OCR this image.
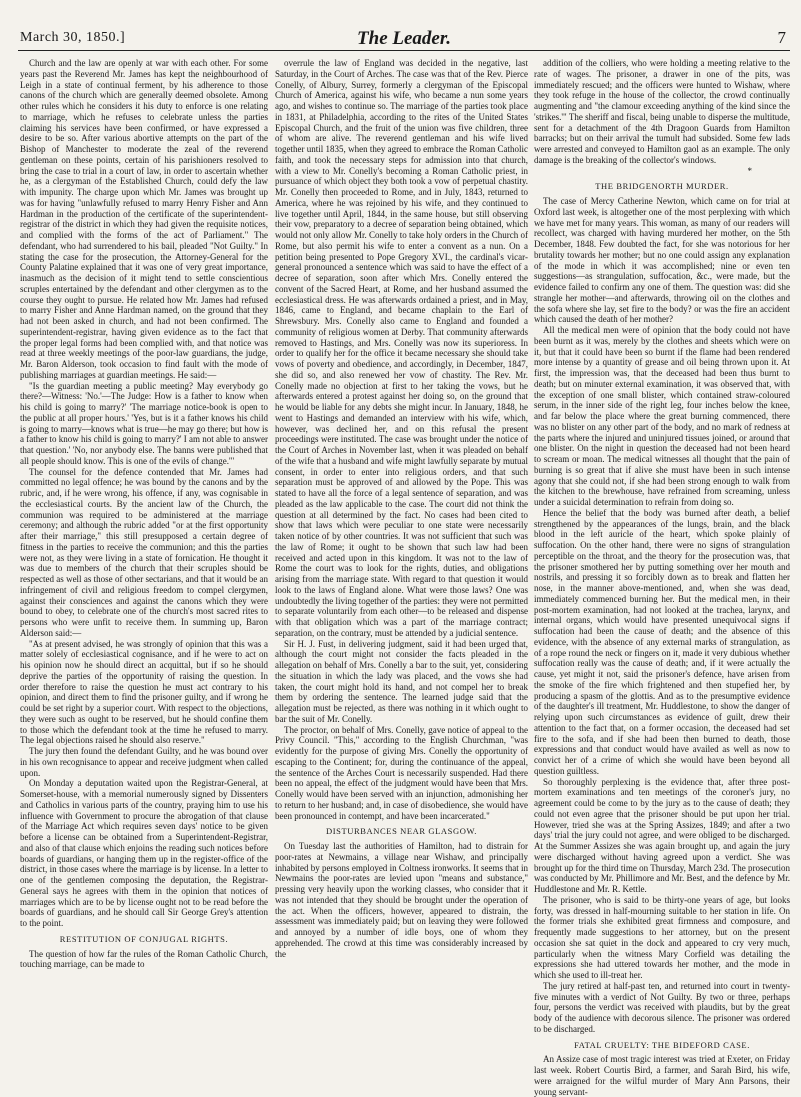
March 30, 1850.]	The Leader.	7

Church and the law are openly at war with each other. For some years past the Reverend Mr. James has kept the neighbourhood of Leigh in a state of continual ferment, by his adherence to those canons of the church which are generally deemed obsolete. Among other rules which he considers it his duty to enforce is one relating to marriage, which he refuses to celebrate unless the parties claiming his services have been confirmed, or have expressed a desire to be so. After various abortive attempts on the part of the Bishop of Manchester to moderate the zeal of the reverend gentleman on these points, certain of his parishioners resolved to bring the case to trial in a court of law, in order to ascertain whether he, as a clergyman of the Established Church, could defy the law with impunity. The charge upon which Mr. James was brought up was for having "unlawfully refused to marry Henry Fisher and Ann Hardman in the production of the certificate of the superintendent-registrar of the district in which they had given the requisite notices, and complied with the forms of the act of Parliament." The defendant, who had surrendered to his bail, pleaded "Not Guilty." In stating the case for the prosecution, the Attorney-General for the County Palatine explained that it was one of very great importance, inasmuch as the decision of it might tend to settle conscientious scruples entertained by the defendant and other clergymen as to the course they ought to pursue. He related how Mr. James had refused to marry Fisher and Anne Hardman named, on the ground that they had not been asked in church, and had not been confirmed. The superintendent-registrar, having given evidence as to the fact that the proper legal forms had been complied with, and that notice was read at three weekly meetings of the poor-law guardians, the judge, Mr. Baron Alderson, took occasion to find fault with the mode of publishing marriages at guardian meetings. He said:—

"Is the guardian meeting a public meeting? May everybody go there?—Witness: 'No.'—The Judge: How is a father to know when his child is going to marry?' 'The marriage notice-book is open to the public at all proper hours.' 'Yes, but is it a father knows his child is going to marry—knows what is true—he may go there; but how is a father to know his child is going to marry?' I am not able to answer that question.' 'No, nor anybody else. The banns were published that all people should know. This is one of the evils of change.'"

The counsel for the defence contended that Mr. James had committed no legal offence; he was bound by the canons and by the rubric, and, if he were wrong, his offence, if any, was cognisable in the ecclesiastical courts. By the ancient law of the Church, the communion was required to be administered at the marriage ceremony; and although the rubric added "or at the first opportunity after their marriage," this still presupposed a certain degree of fitness in the parties to receive the communion; and this the parties were not, as they were living in a state of fornication. He thought it was due to members of the church that their scruples should be respected as well as those of other sectarians, and that it would be an infringement of civil and religious freedom to compel clergymen, against their consciences and against the canons which they were bound to obey, to celebrate one of the church's most sacred rites to persons who were unfit to receive them. In summing up, Baron Alderson said:—

"As at present advised, he was strongly of opinion that this was a matter solely of ecclesiastical cognisance, and if he were to act on his opinion now he should direct an acquittal, but if so he should deprive the parties of the opportunity of raising the question. In order therefore to raise the question he must act contrary to his opinion, and direct them to find the prisoner guilty, and if wrong he could be set right by a superior court. With respect to the objections, they were such as ought to be reserved, but he should confine them to those which the defendant took at the time he refused to marry. The legal objections raised he should also reserve."

The jury then found the defendant Guilty, and he was bound over in his own recognisance to appear and receive judgment when called upon.

On Monday a deputation waited upon the Registrar-General, at Somerset-house, with a memorial numerously signed by Dissenters and Catholics in various parts of the country, praying him to use his influence with Government to procure the abrogation of that clause of the Marriage Act which requires seven days' notice to be given before a license can be obtained from a Superintendent-Registrar, and also of that clause which enjoins the reading such notices before boards of guardians, or hanging them up in the register-office of the district, in those cases where the marriage is by license. In a letter to one of the gentlemen composing the deputation, the Registrar-General says he agrees with them in the opinion that notices of marriages which are to be by license ought not to be read before the boards of guardians, and he should call Sir George Grey's attention to the point.

RESTITUTION OF CONJUGAL RIGHTS.

The question of how far the rules of the Roman Catholic Church, touching marriage, can be made to

overrule the law of England was decided in the negative, last Saturday, in the Court of Arches. The case was that of the Rev. Pierce Conelly, of Albury, Surrey, formerly a clergyman of the Episcopal Church of America, against his wife, who became a nun some years ago, and wishes to continue so. The marriage of the parties took place in 1831, at Philadelphia, according to the rites of the United States Episcopal Church, and the fruit of the union was five children, three of whom are alive. The reverend gentleman and his wife lived together until 1835, when they agreed to embrace the Roman Catholic faith, and took the necessary steps for admission into that church, with a view to Mr. Conelly's becoming a Roman Catholic priest, in pursuance of which object they both took a vow of perpetual chastity. Mr. Conelly then proceeded to Rome, and in July, 1843, returned to America, where he was rejoined by his wife, and they continued to live together until April, 1844, in the same house, but still observing their vow, preparatory to a decree of separation being obtained, which would not only allow Mr. Conelly to take holy orders in the Church of Rome, but also permit his wife to enter a convent as a nun. On a petition being presented to Pope Gregory XVI., the cardinal's vicar-general pronounced a sentence which was said to have the effect of a decree of separation, soon after which Mrs. Conelly entered the convent of the Sacred Heart, at Rome, and her husband assumed the ecclesiastical dress. He was afterwards ordained a priest, and in May, 1846, came to England, and became chaplain to the Earl of Shrewsbury. Mrs. Conelly also came to England and founded a community of religious women at Derby. That community afterwards removed to Hastings, and Mrs. Conelly was now its superioress. In order to qualify her for the office it became necessary she should take vows of poverty and obedience, and accordingly, in December, 1847, she did so, and also renewed her vow of chastity. The Rev. Mr. Conelly made no objection at first to her taking the vows, but he afterwards entered a protest against her doing so, on the ground that he would be liable for any debts she might incur. In January, 1848, he went to Hastings and demanded an interview with his wife, which, however, was declined her, and on this refusal the present proceedings were instituted. The case was brought under the notice of the Court of Arches in November last, when it was pleaded on behalf of the wife that a husband and wife might lawfully separate by mutual consent, in order to enter into religious orders, and that such separation must be approved of and allowed by the Pope. This was stated to have all the force of a legal sentence of separation, and was pleaded as the law applicable to the case. The court did not think the question at all determined by the fact. No cases had been cited to show that laws which were peculiar to one state were necessarily taken notice of by other countries. It was not sufficient that such was the law of Rome; it ought to be shown that such law had been received and acted upon in this kingdom. It was not to the law of Rome the court was to look for the rights, duties, and obligations arising from the marriage state. With regard to that question it would look to the laws of England alone. What were those laws? One was undoubtedly the living together of the parties: they were not permitted to separate voluntarily from each other—to be released and dispense with that obligation which was a part of the marriage contract; separation, on the contrary, must be attended by a judicial sentence.

Sir H. J. Fust, in delivering judgment, said it had been urged that, although the court might not consider the facts pleaded in the allegation on behalf of Mrs. Conelly a bar to the suit, yet, considering the situation in which the lady was placed, and the vows she had taken, the court might hold its hand, and not compel her to break them by ordering the sentence. The learned judge said that the allegation must be rejected, as there was nothing in it which ought to bar the suit of Mr. Conelly.

The proctor, on behalf of Mrs. Conelly, gave notice of appeal to the Privy Council. "This," according to the English Churchman, "was evidently for the purpose of giving Mrs. Conelly the opportunity of escaping to the Continent; for, during the continuance of the appeal, the sentence of the Arches Court is necessarily suspended. Had there been no appeal, the effect of the judgment would have been that Mrs. Conelly would have been served with an injunction, admonishing her to return to her husband; and, in case of disobedience, she would have been pronounced in contempt, and have been incarcerated."

DISTURBANCES NEAR GLASGOW.

On Tuesday last the authorities of Hamilton, had to distrain for poor-rates at Newmains, a village near Wishaw, and principally inhabited by persons employed in Coltness ironworks. It seems that in Newmains the poor-rates are levied upon "means and substance," pressing very heavily upon the working classes, who consider that it was not intended that they should be brought under the operation of the act. When the officers, however, appeared to distrain, the assessment was immediately paid; but on leaving they were followed and annoyed by a number of idle boys, one of whom they apprehended. The crowd at this time was considerably increased by the

addition of the colliers, who were holding a meeting relative to the rate of wages. The prisoner, a drawer in one of the pits, was immediately rescued; and the officers were hunted to Wishaw, where they took refuge in the house of the collector, the crowd continually augmenting and "the clamour exceeding anything of the kind since the 'strikes.'" The sheriff and fiscal, being unable to disperse the multitude, sent for a detachment of the 4th Dragoon Guards from Hamilton barracks; but on their arrival the tumult had subsided. Some few lads were arrested and conveyed to Hamilton gaol as an example. The only damage is the breaking of the collector's windows.

*

THE BRIDGENORTH MURDER.

The case of Mercy Catherine Newton, which came on for trial at Oxford last week, is altogether one of the most perplexing with which we have met for many years. This woman, as many of our readers will recollect, was charged with having murdered her mother, on the 5th December, 1848. Few doubted the fact, for she was notorious for her brutality towards her mother; but no one could assign any explanation of the mode in which it was accomplished; nine or even ten suggestions—as strangulation, suffocation, &c., were made, but the evidence failed to confirm any one of them. The question was: did she strangle her mother—and afterwards, throwing oil on the clothes and the sofa where she lay, set fire to the body? or was the fire an accident which caused the death of her mother?

All the medical men were of opinion that the body could not have been burnt as it was, merely by the clothes and sheets which were on it, but that it could have been so burnt if the flame had been rendered more intense by a quantity of grease and oil being thrown upon it. At first, the impression was, that the deceased had been thus burnt to death; but on minuter external examination, it was observed that, with the exception of one small blister, which contained straw-coloured serum, in the inner side of the right leg, four inches below the knee, and far below the place where the great burning commenced, there was no blister on any other part of the body, and no mark of redness at the parts where the injured and uninjured tissues joined, or around that one blister. On the night in question the deceased had not been heard to scream or moan. The medical witnesses all thought that the pain of burning is so great that if alive she must have been in such intense agony that she could not, if she had been strong enough to walk from the kitchen to the brewhouse, have refrained from screaming, unless under a suicidal determination to refrain from doing so.

Hence the belief that the body was burned after death, a belief strengthened by the appearances of the lungs, brain, and the black blood in the left auricle of the heart, which spoke plainly of suffocation. On the other hand, there were no signs of strangulation perceptible on the throat, and the theory for the prosecution was, that the prisoner smothered her by putting something over her mouth and nostrils, and pressing it so forcibly down as to break and flatten her nose, in the manner above-mentioned, and, when she was dead, immediately commenced burning her. But the medical men, in their post-mortem examination, had not looked at the trachea, larynx, and internal organs, which would have presented unequivocal signs if suffocation had been the cause of death; and the absence of this evidence, with the absence of any external marks of strangulation, as of a rope round the neck or fingers on it, made it very dubious whether suffocation really was the cause of death; and, if it were actually the cause, yet might it not, said the prisoner's defence, have arisen from the smoke of the fire which frightened and then stupefied her, by producing a spasm of the glottis. And as to the presumptive evidence of the daughter's ill treatment, Mr. Huddlestone, to show the danger of relying upon such circumstances as evidence of guilt, drew their attention to the fact that, on a former occasion, the deceased had set fire to the sofa, and if she had been then burned to death, those expressions and that conduct would have availed as well as now to convict her of a crime of which she would have been beyond all question guiltless.

So thoroughly perplexing is the evidence that, after three post-mortem examinations and ten meetings of the coroner's jury, no agreement could be come to by the jury as to the cause of death; they could not even agree that the prisoner should be put upon her trial. However, tried she was at the Spring Assizes, 1849; and after a two days' trial the jury could not agree, and were obliged to be discharged. At the Summer Assizes she was again brought up, and again the jury were discharged without having agreed upon a verdict. She was brought up for the third time on Thursday, March 23d. The prosecution was conducted by Mr. Phillimore and Mr. Best, and the defence by Mr. Huddlestone and Mr. R. Kettle.

The prisoner, who is said to be thirty-one years of age, but looks forty, was dressed in half-mourning suitable to her station in life. On the former trials she exhibited great firmness and composure, and frequently made suggestions to her attorney, but on the present occasion she sat quiet in the dock and appeared to cry very much, particularly when the witness Mary Corfield was detailing the expressions she had uttered towards her mother, and the mode in which she used to ill-treat her.

The jury retired at half-past ten, and returned into court in twenty-five minutes with a verdict of Not Guilty. By two or three, perhaps four, persons the verdict was received with plaudits, but by the great body of the audience with decorous silence. The prisoner was ordered to be discharged.

FATAL CRUELTY: THE BIDEFORD CASE.

An Assize case of most tragic interest was tried at Exeter, on Friday last week. Robert Courtis Bird, a farmer, and Sarah Bird, his wife, were arraigned for the wilful murder of Mary Ann Parsons, their young servant-
